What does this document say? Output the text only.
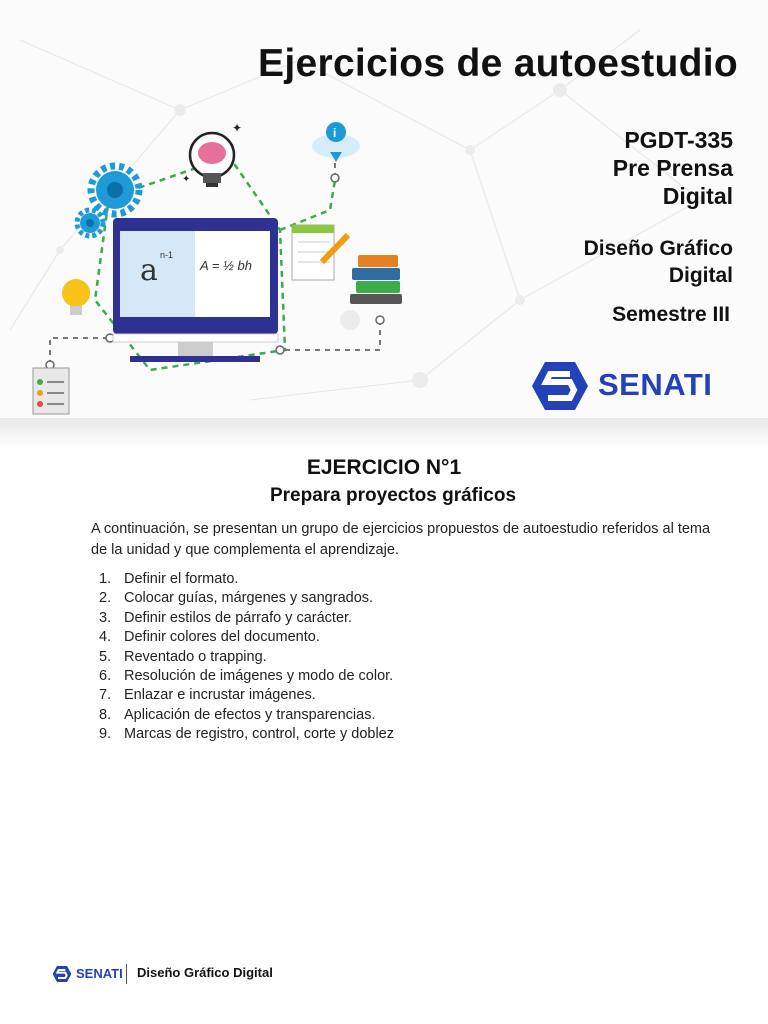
✦
✦
i
a n-1
A = ½ bh
Ejercicios de autoestudio
PGDT-335
Pre Prensa
Digital
Diseño Gráfico
Digital
Semestre III
SENATI
EJERCICIO N°1
Prepara proyectos gráficos
A continuación, se presentan un grupo de ejercicios propuestos de autoestudio referidos al tema de la unidad y que complementa el aprendizaje.
1. Definir el formato.
2. Colocar guías, márgenes y sangrados.
3. Definir estilos de párrafo y carácter.
4. Definir colores del documento.
5. Reventado o trapping.
6. Resolución de imágenes y modo de color.
7. Enlazar e incrustar imágenes.
8. Aplicación de efectos y transparencias.
9. Marcas de registro, control, corte y doblez
SENATI Diseño Gráfico Digital
